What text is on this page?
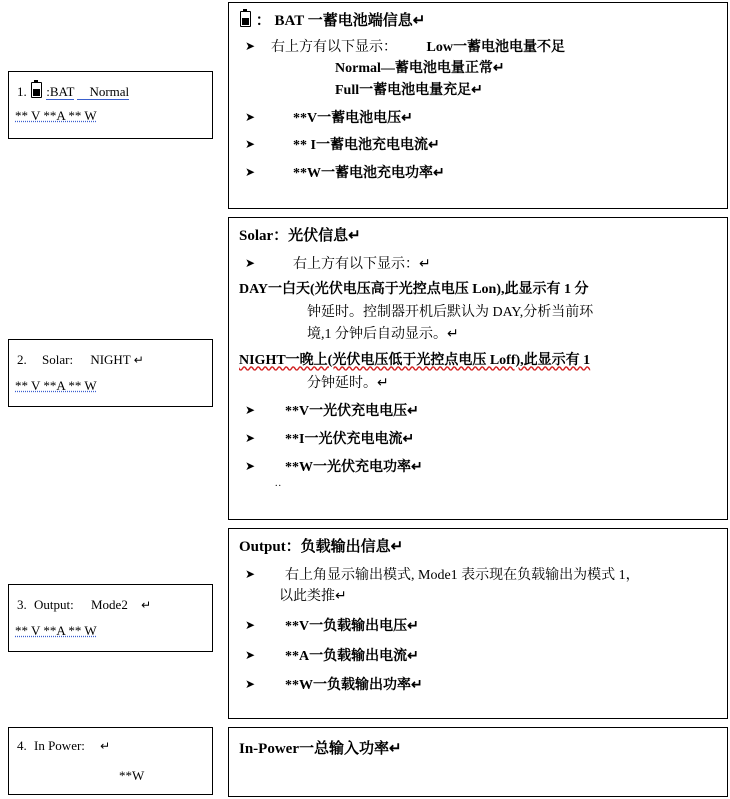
： BAT 一蓄电池端信息↵
➤	右上方有以下显示： Low一蓄电池电量不足
Normal—蓄电池电量正常↵
Full一蓄电池电量充足↵
➤	**V一蓄电池电压↵
➤	** I一蓄电池充电电流↵
➤	**W一蓄电池充电功率↵
1. :BAT Normal
** V **A ** W
Solar：光伏信息↵
➤	右上方有以下显示：↵
DAY一白天(光伏电压高于光控点电压 Lon),此显示有 1 分
钟延时。控制器开机后默认为 DAY,分析当前环
境,1 分钟后自动显示。↵
NIGHT一晚上(光伏电压低于光控点电压 Loff),此显示有 1
分钟延时。↵
➤	**V一光伏充电电压↵
➤	**I一光伏充电电流↵
➤	**W一光伏充电功率↵
..
2. Solar: NIGHT ↵
** V **A ** W
Output：负载输出信息↵
➤	右上角显示输出模式, Mode1 表示现在负载输出为模式 1，
以此类推↵
➤	**V一负载输出电压↵
➤	**A一负载输出电流↵
➤	**W一负载输出功率↵
3. Output: Mode2 ↵
** V **A ** W
In-Power一总输入功率↵
4. In Power: ↵
**W
